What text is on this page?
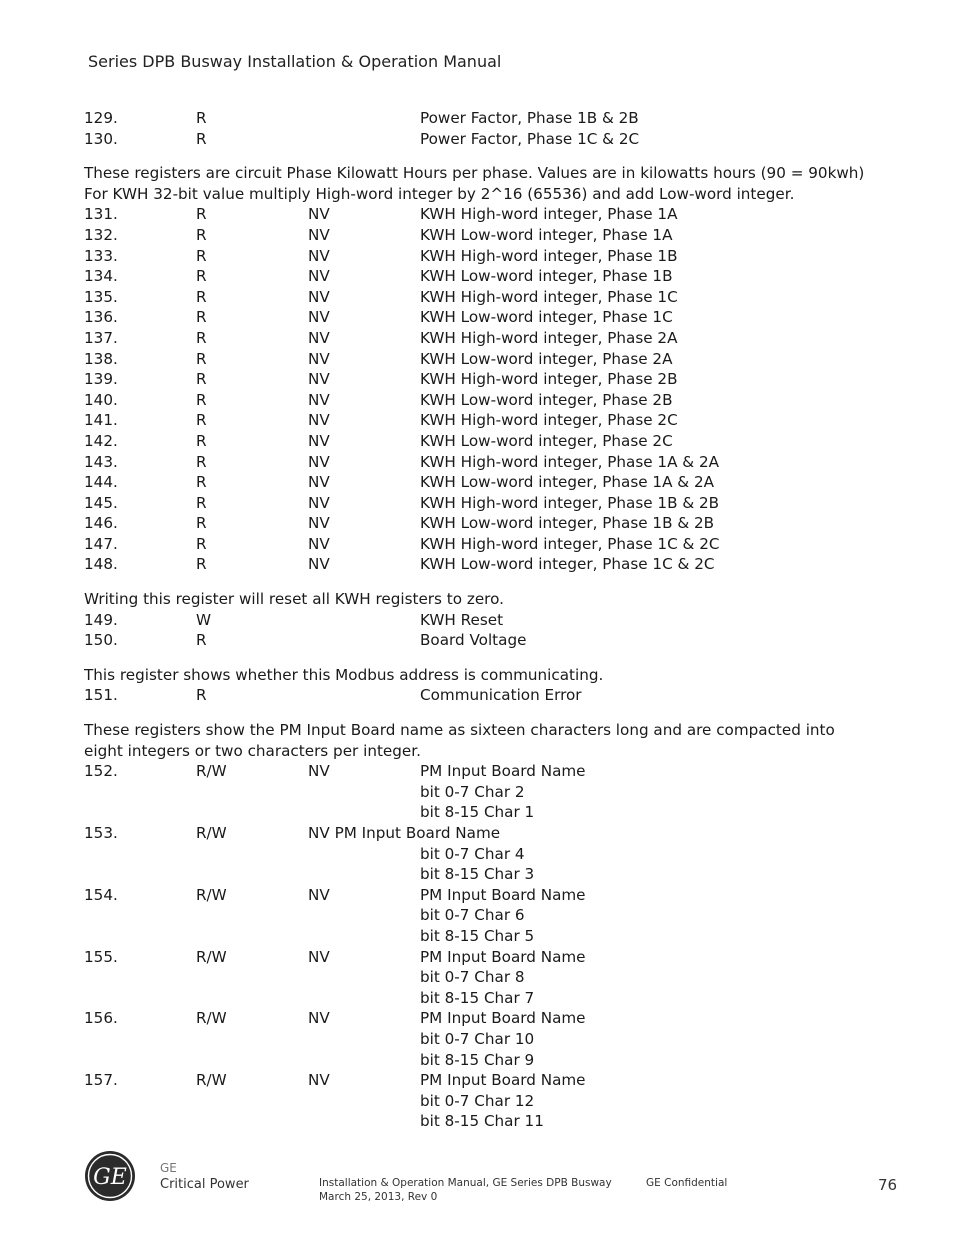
Series DPB Busway Installation & Operation Manual
129.	R	Power Factor, Phase 1B & 2B
130.	R	Power Factor, Phase 1C & 2C

These registers are circuit Phase Kilowatt Hours per phase. Values are in kilowatts hours (90 = 90kwh) For KWH 32-bit value multiply High-word integer by 2^16 (65536) and add Low-word integer.

131.	R	NV	KWH High-word integer, Phase 1A
132.	R	NV	KWH Low-word integer, Phase 1A
133.	R	NV	KWH High-word integer, Phase 1B
134.	R	NV	KWH Low-word integer, Phase 1B
135.	R	NV	KWH High-word integer, Phase 1C
136.	R	NV	KWH Low-word integer, Phase 1C
137.	R	NV	KWH High-word integer, Phase 2A
138.	R	NV	KWH Low-word integer, Phase 2A
139.	R	NV	KWH High-word integer, Phase 2B
140.	R	NV	KWH Low-word integer, Phase 2B
141.	R	NV	KWH High-word integer, Phase 2C
142.	R	NV	KWH Low-word integer, Phase 2C
143.	R	NV	KWH High-word integer, Phase 1A & 2A
144.	R	NV	KWH Low-word integer, Phase 1A & 2A
145.	R	NV	KWH High-word integer, Phase 1B & 2B
146.	R	NV	KWH Low-word integer, Phase 1B & 2B
147.	R	NV	KWH High-word integer, Phase 1C & 2C
148.	R	NV	KWH Low-word integer, Phase 1C & 2C

Writing this register will reset all KWH registers to zero.

149.	W	KWH Reset
150.	R	Board Voltage

This register shows whether this Modbus address is communicating.

151.	R	Communication Error

These registers show the PM Input Board name as sixteen characters long and are compacted into eight integers or two characters per integer.

152.	R/W	NV	PM Input Board Name
bit 0-7 Char 2
bit 8-15 Char 1
153.	R/W	NV PM Input Board Name
bit 0-7 Char 4
bit 8-15 Char 3
154.	R/W	NV	PM Input Board Name
bit 0-7 Char 6
bit 8-15 Char 5
155.	R/W	NV	PM Input Board Name
bit 0-7 Char 8
bit 8-15 Char 7
156.	R/W	NV	PM Input Board Name
bit 0-7 Char 10
bit 8-15 Char 9
157.	R/W	NV	PM Input Board Name
bit 0-7 Char 12
bit 8-15 Char 11
GE	GE
Critical Power	Installation & Operation Manual, GE Series DPB Busway
March 25, 2013, Rev 0
GE Confidential	76
